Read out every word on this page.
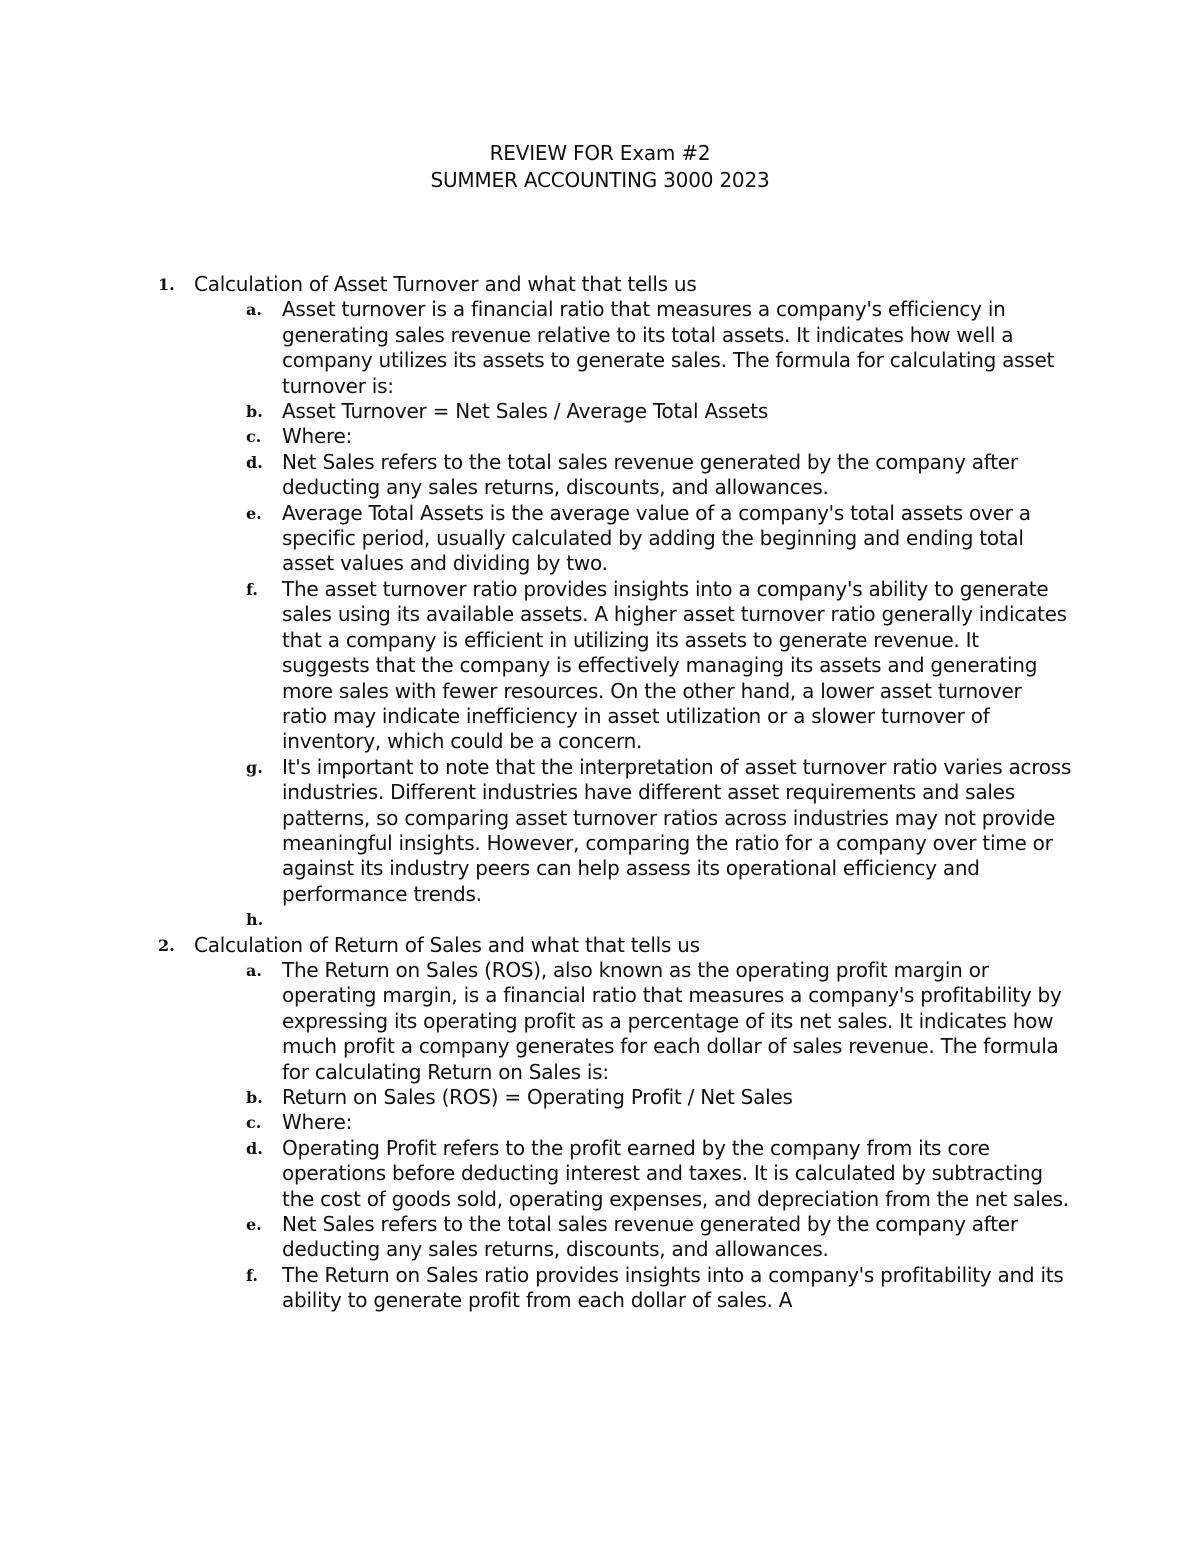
REVIEW FOR Exam #2
SUMMER ACCOUNTING 3000 2023
1. Calculation of Asset Turnover and what that tells us
a.	Asset turnover is a financial ratio that measures a company's efficiency in generating sales revenue relative to its total assets. It indicates how well a company utilizes its assets to generate sales. The formula for calculating asset turnover is:
b. Asset Turnover = Net Sales / Average Total Assets
c.	Where:
d. Net Sales refers to the total sales revenue generated by the company after deducting any sales returns, discounts, and allowances.
e.	Average Total Assets is the average value of a company's total assets over a specific period, usually calculated by adding the beginning and ending total asset values and dividing by two.
f.	The asset turnover ratio provides insights into a company's ability to generate sales using its available assets. A higher asset turnover ratio generally indicates that a company is efficient in utilizing its assets to generate revenue. It suggests that the company is effectively managing its assets and generating more sales with fewer resources. On the other hand, a lower asset turnover ratio may indicate inefficiency in asset utilization or a slower turnover of inventory, which could be a concern.
g. It's important to note that the interpretation of asset turnover ratio varies across industries. Different industries have different asset requirements and sales patterns, so comparing asset turnover ratios across industries may not provide meaningful insights. However, comparing the ratio for a company over time or against its industry peers can help assess its operational efficiency and performance trends.
h.
2. Calculation of Return of Sales and what that tells us
a.	The Return on Sales (ROS), also known as the operating profit margin or operating margin, is a financial ratio that measures a company's profitability by expressing its operating profit as a percentage of its net sales. It indicates how much profit a company generates for each dollar of sales revenue. The formula for calculating Return on Sales is:
b. Return on Sales (ROS) = Operating Profit / Net Sales
c.	Where:
d. Operating Profit refers to the profit earned by the company from its core operations before deducting interest and taxes. It is calculated by subtracting the cost of goods sold, operating expenses, and depreciation from the net sales.
e.	Net Sales refers to the total sales revenue generated by the company after deducting any sales returns, discounts, and allowances.
f.	The Return on Sales ratio provides insights into a company's profitability and its ability to generate profit from each dollar of sales. A
